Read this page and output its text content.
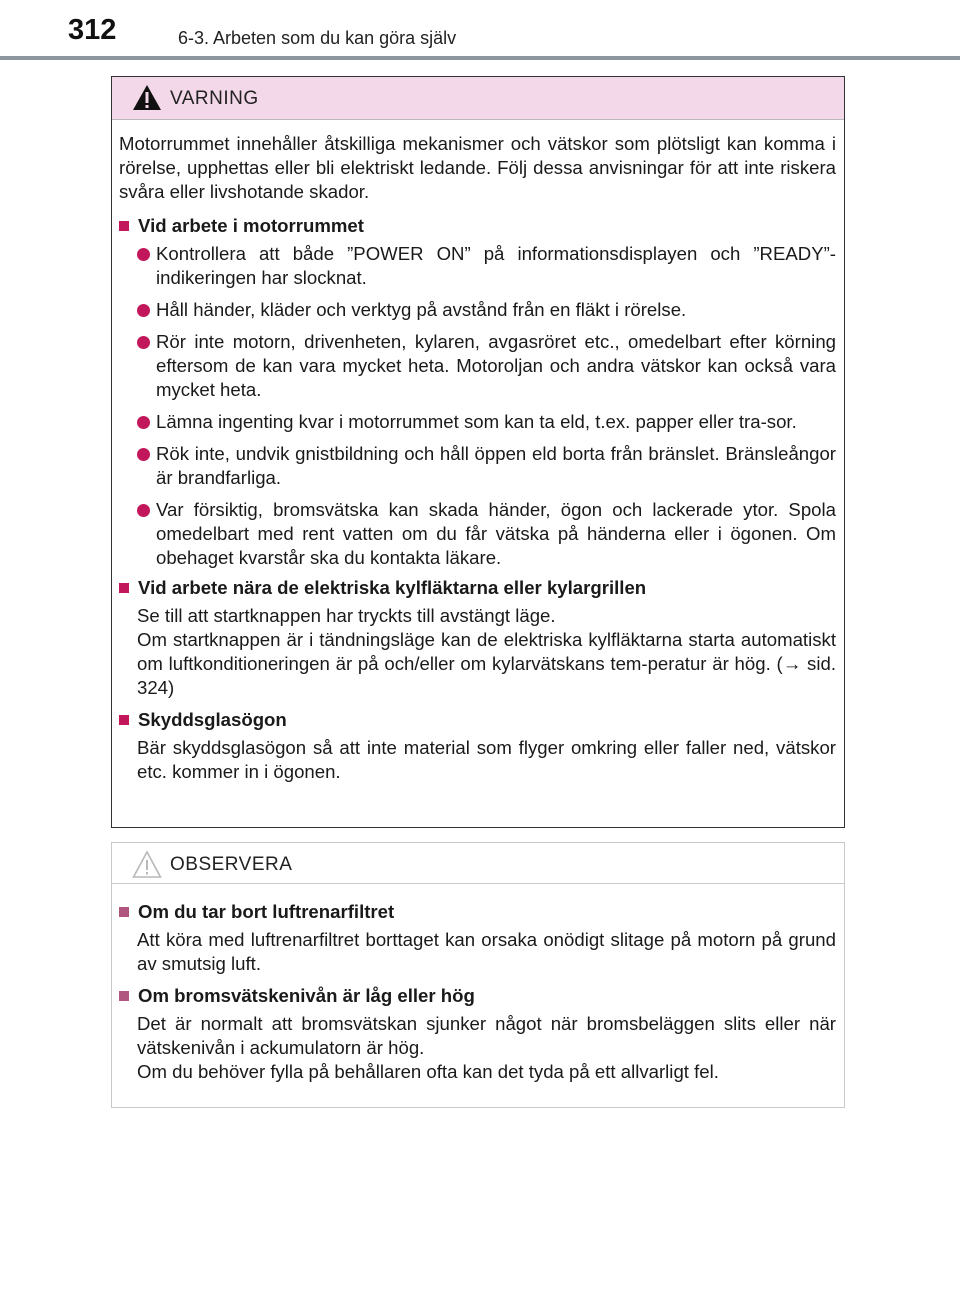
312	6-3. Arbeten som du kan göra själv
VARNING

Motorrummet innehåller åtskilliga mekanismer och vätskor som plötsligt kan komma i rörelse, upphettas eller bli elektriskt ledande. Följ dessa anvisningar för att inte riskera svåra eller livshotande skador.

Vid arbete i motorrummet

Kontrollera att både ”POWER ON” på informationsdisplayen och ”READY”-indikeringen har slocknat.

Håll händer, kläder och verktyg på avstånd från en fläkt i rörelse.

Rör inte motorn, drivenheten, kylaren, avgasröret etc., omedelbart efter körning eftersom de kan vara mycket heta. Motoroljan och andra vätskor kan också vara mycket heta.

Lämna ingenting kvar i motorrummet som kan ta eld, t.ex. papper eller tra-sor.

Rök inte, undvik gnistbildning och håll öppen eld borta från bränslet. Bränsleångor är brandfarliga.

Var försiktig, bromsvätska kan skada händer, ögon och lackerade ytor. Spola omedelbart med rent vatten om du får vätska på händerna eller i ögonen. Om obehaget kvarstår ska du kontakta läkare.

Vid arbete nära de elektriska kylfläktarna eller kylargrillen

Se till att startknappen har tryckts till avstängt läge.

Om startknappen är i tändningsläge kan de elektriska kylfläktarna starta automatiskt om luftkonditioneringen är på och/eller om kylarvätskans tem-peratur är hög. (→ sid. 324)

Skyddsglasögon

Bär skyddsglasögon så att inte material som flyger omkring eller faller ned, vätskor etc. kommer in i ögonen.

OBSERVERA
Om du tar bort luftrenarfiltret

Att köra med luftrenarfiltret borttaget kan orsaka onödigt slitage på motorn på grund av smutsig luft.

Om bromsvätskenivån är låg eller hög

Det är normalt att bromsvätskan sjunker något när bromsbeläggen slits eller när vätskenivån i ackumulatorn är hög.

Om du behöver fylla på behållaren ofta kan det tyda på ett allvarligt fel.
